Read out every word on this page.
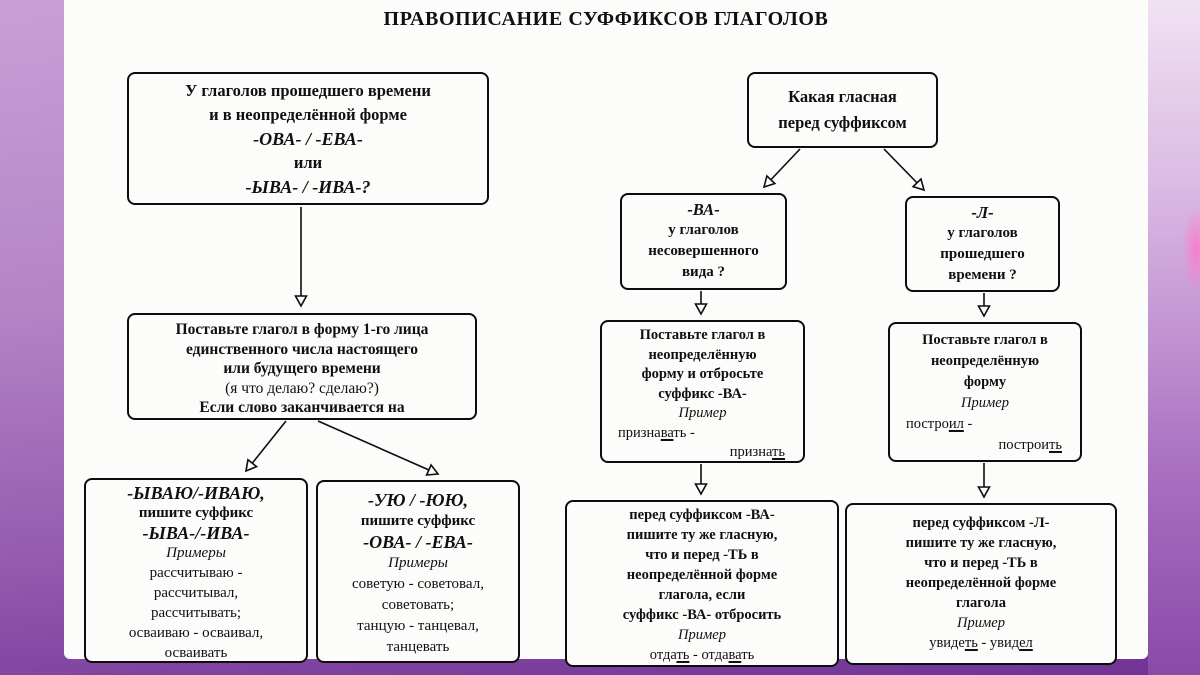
ПРАВОПИСАНИЕ СУФФИКСОВ ГЛАГОЛОВ
У глаголов прошедшего времени
и в неопределённой форме
-ОВА- / -ЕВА-
или
-ЫВА- / -ИВА-?
Поставьте глагол в форму 1-го лица
единственного числа настоящего
или будущего времени
(я что делаю? сделаю?)
Если слово заканчивается на
-ЫВАЮ/-ИВАЮ,
пишите суффикс
-ЫВА-/-ИВА-
Примеры
рассчитываю -
рассчитывал,
рассчитывать;
осваиваю - осваивал,
осваивать
-УЮ / -ЮЮ,
пишите суффикс
-ОВА- / -ЕВА-
Примеры
советую - советовал,
советовать;
танцую - танцевал,
танцевать
Какая гласная
перед суффиксом
-ВА-
у глаголов
несовершенного
вида ?
-Л-
у глаголов
прошедшего
времени ?
Поставьте глагол в
неопределённую
форму и отбросьте
суффикс -ВА-
Пример
признавать -
признать
Поставьте глагол в
неопределённую
форму
Пример
построил -
построить
перед суффиксом -ВА-
пишите ту же гласную,
что и перед -ТЬ в
неопределённой форме
глагола, если
суффикс -ВА- отбросить
Пример
отдать - отдавать
перед суффиксом -Л-
пишите ту же гласную,
что и перед -ТЬ в
неопределённой форме
глагола
Пример
увидеть - увидел
